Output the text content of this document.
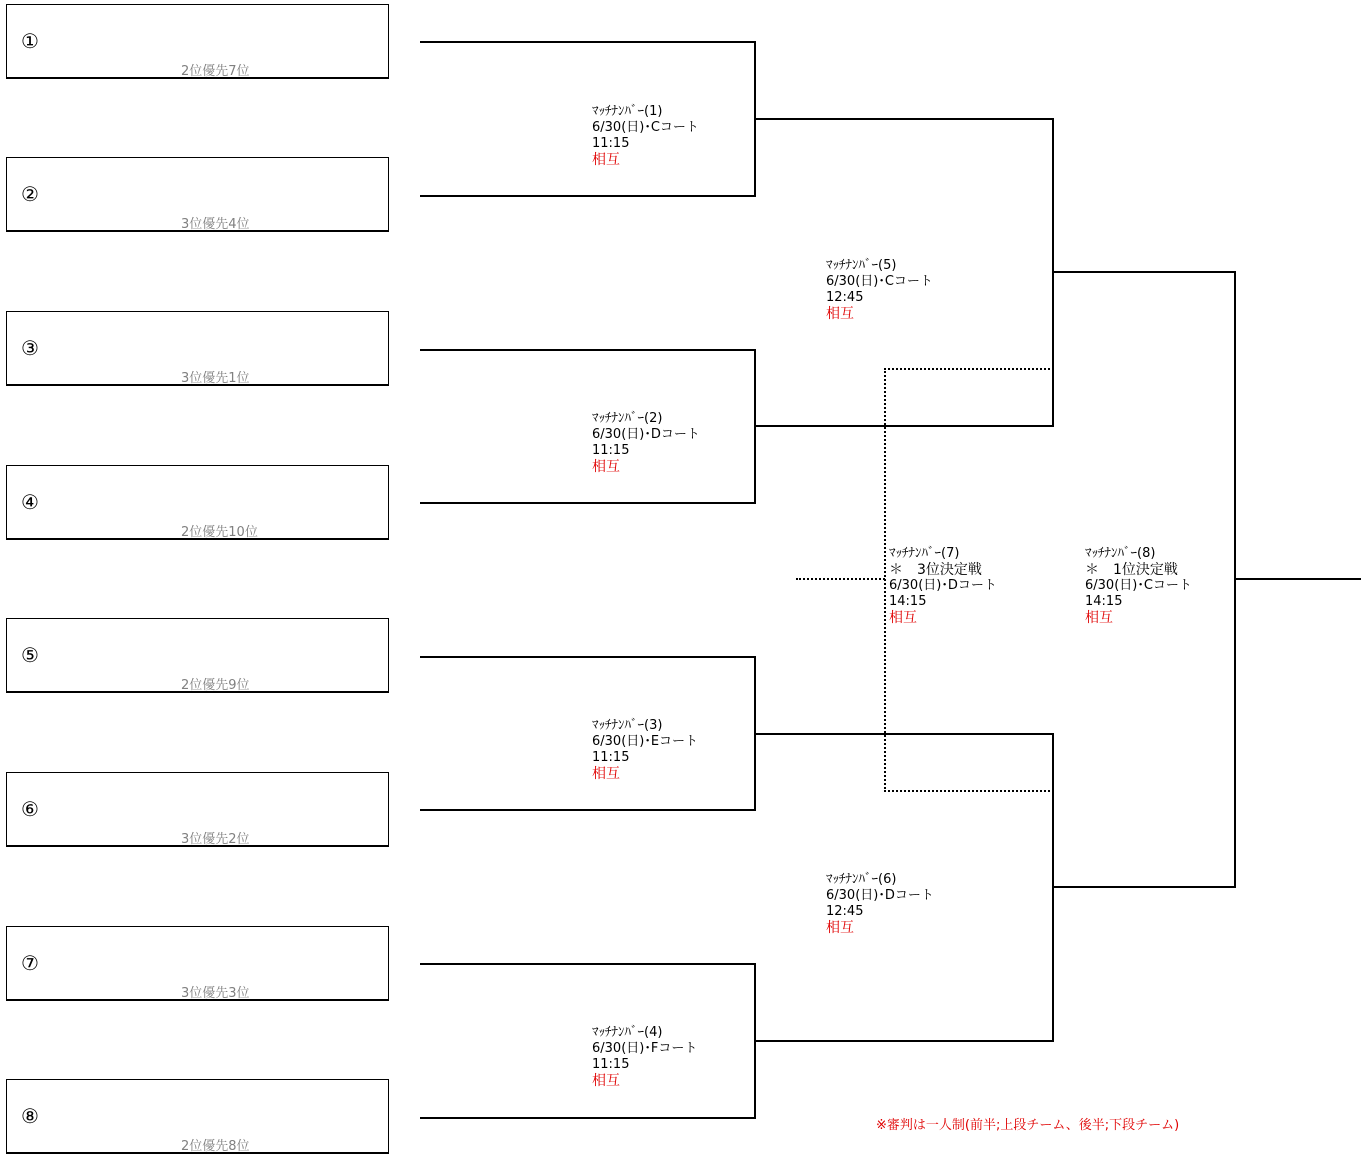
①
2位優先7位
②
3位優先4位
③
3位優先1位
④
2位優先10位
⑤
2位優先9位
⑥
3位優先2位
⑦
3位優先3位
⑧
2位優先8位
ﾏｯﾁﾅﾝﾊﾞｰ(1)
6/30(日)･Cコート
11:15
相互
ﾏｯﾁﾅﾝﾊﾞｰ(2)
6/30(日)･Dコート
11:15
相互
ﾏｯﾁﾅﾝﾊﾞｰ(3)
6/30(日)･Eコート
11:15
相互
ﾏｯﾁﾅﾝﾊﾞｰ(4)
6/30(日)･Fコート
11:15
相互
ﾏｯﾁﾅﾝﾊﾞｰ(5)
6/30(日)･Cコート
12:45
相互
ﾏｯﾁﾅﾝﾊﾞｰ(6)
6/30(日)･Dコート
12:45
相互
ﾏｯﾁﾅﾝﾊﾞｰ(7)
＊　3位決定戦
6/30(日)･Dコート
14:15
相互
ﾏｯﾁﾅﾝﾊﾞｰ(8)
＊　1位決定戦
6/30(日)･Cコート
14:15
相互
※審判は一人制(前半;上段チーム、後半;下段チーム)
